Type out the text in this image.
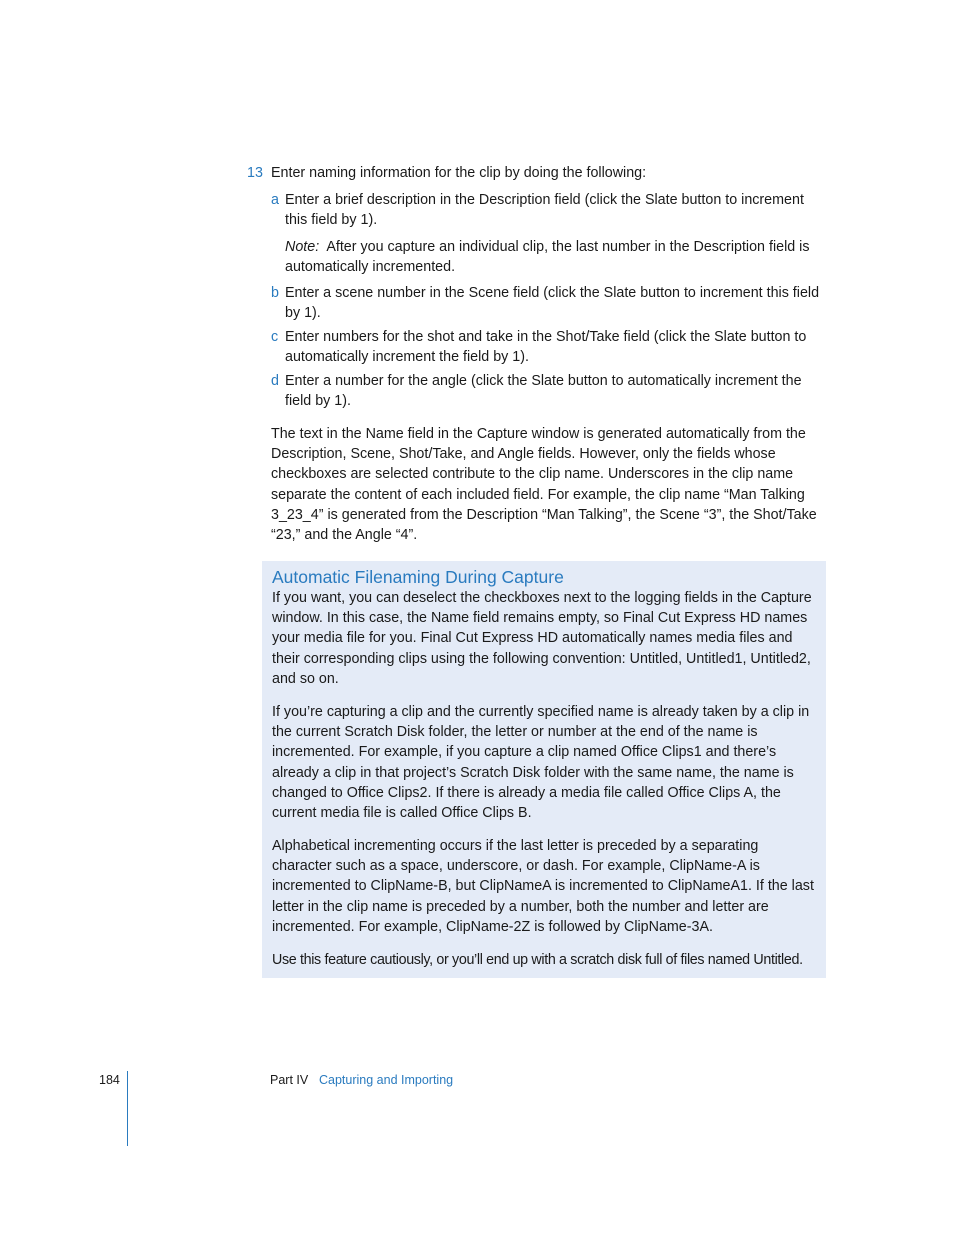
13 Enter naming information for the clip by doing the following:

a Enter a brief description in the Description field (click the Slate button to increment this field by 1).

Note: After you capture an individual clip, the last number in the Description field is automatically incremented.

b Enter a scene number in the Scene field (click the Slate button to increment this field by 1).

c Enter numbers for the shot and take in the Shot/Take field (click the Slate button to automatically increment the field by 1).

d Enter a number for the angle (click the Slate button to automatically increment the field by 1).

The text in the Name field in the Capture window is generated automatically from the Description, Scene, Shot/Take, and Angle fields. However, only the fields whose checkboxes are selected contribute to the clip name. Underscores in the clip name separate the content of each included field. For example, the clip name “Man Talking 3_23_4” is generated from the Description “Man Talking”, the Scene “3”, the Shot/Take “23,” and the Angle “4”.

Automatic Filenaming During Capture

If you want, you can deselect the checkboxes next to the logging fields in the Capture window. In this case, the Name field remains empty, so Final Cut Express HD names your media file for you. Final Cut Express HD automatically names media files and their corresponding clips using the following convention: Untitled, Untitled1, Untitled2, and so on.

If you’re capturing a clip and the currently specified name is already taken by a clip in the current Scratch Disk folder, the letter or number at the end of the name is incremented. For example, if you capture a clip named Office Clips1 and there’s already a clip in that project’s Scratch Disk folder with the same name, the name is changed to Office Clips2. If there is already a media file called Office Clips A, the current media file is called Office Clips B.

Alphabetical incrementing occurs if the last letter is preceded by a separating character such as a space, underscore, or dash. For example, ClipName-A is incremented to ClipName-B, but ClipNameA is incremented to ClipNameA1. If the last letter in the clip name is preceded by a number, both the number and letter are incremented. For example, ClipName-2Z is followed by ClipName-3A.

Use this feature cautiously, or you’ll end up with a scratch disk full of files named Untitled.

184	Part IV Capturing and Importing
